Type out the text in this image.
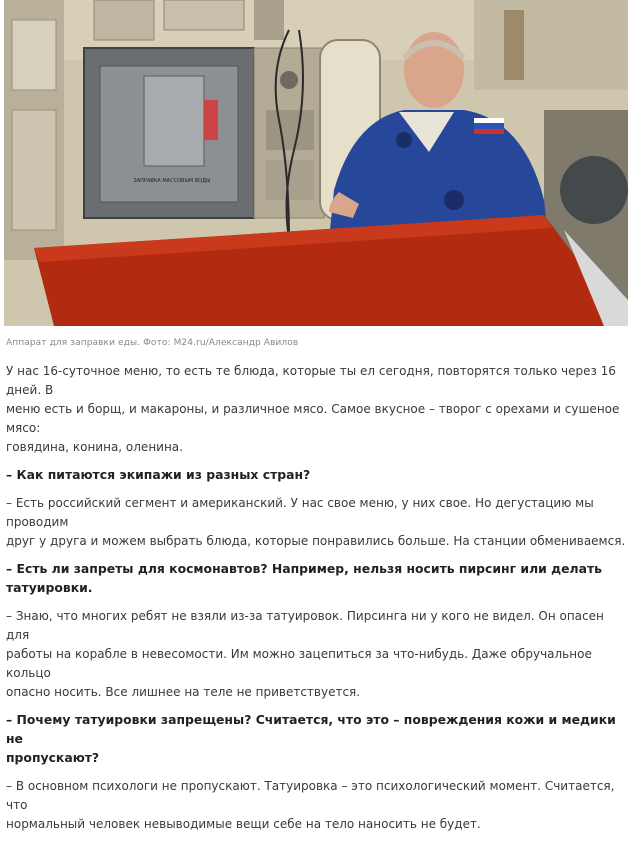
ЗАПРАВКА МАССОВЫМ ВОДЫ
Аппарат для заправки еды. Фото: M24.ru/Александр Авилов

У нас 16-суточное меню, то есть те блюда, которые ты ел сегодня, повторятся только через 16 дней. В
меню есть и борщ, и макароны, и различное мясо. Самое вкусное – творог с орехами и сушеное мясо:
говядина, конина, оленина.

– Как питаются экипажи из разных стран?

– Есть российский сегмент и американский. У нас свое меню, у них свое. Но дегустацию мы проводим
друг у друга и можем выбрать блюда, которые понравились больше. На станции обмениваемся.

– Есть ли запреты для космонавтов? Например, нельзя носить пирсинг или делать татуировки.

– Знаю, что многих ребят не взяли из-за татуировок. Пирсинга ни у кого не видел. Он опасен для
работы на корабле в невесомости. Им можно зацепиться за что-нибудь. Даже обручальное кольцо
опасно носить. Все лишнее на теле не приветствуется.

– Почему татуировки запрещены? Считается, что это – повреждения кожи и медики не
пропускают?

– В основном психологи не пропускают. Татуировка – это психологический момент. Считается, что
нормальный человек невыводимые вещи себе на тело наносить не будет.
